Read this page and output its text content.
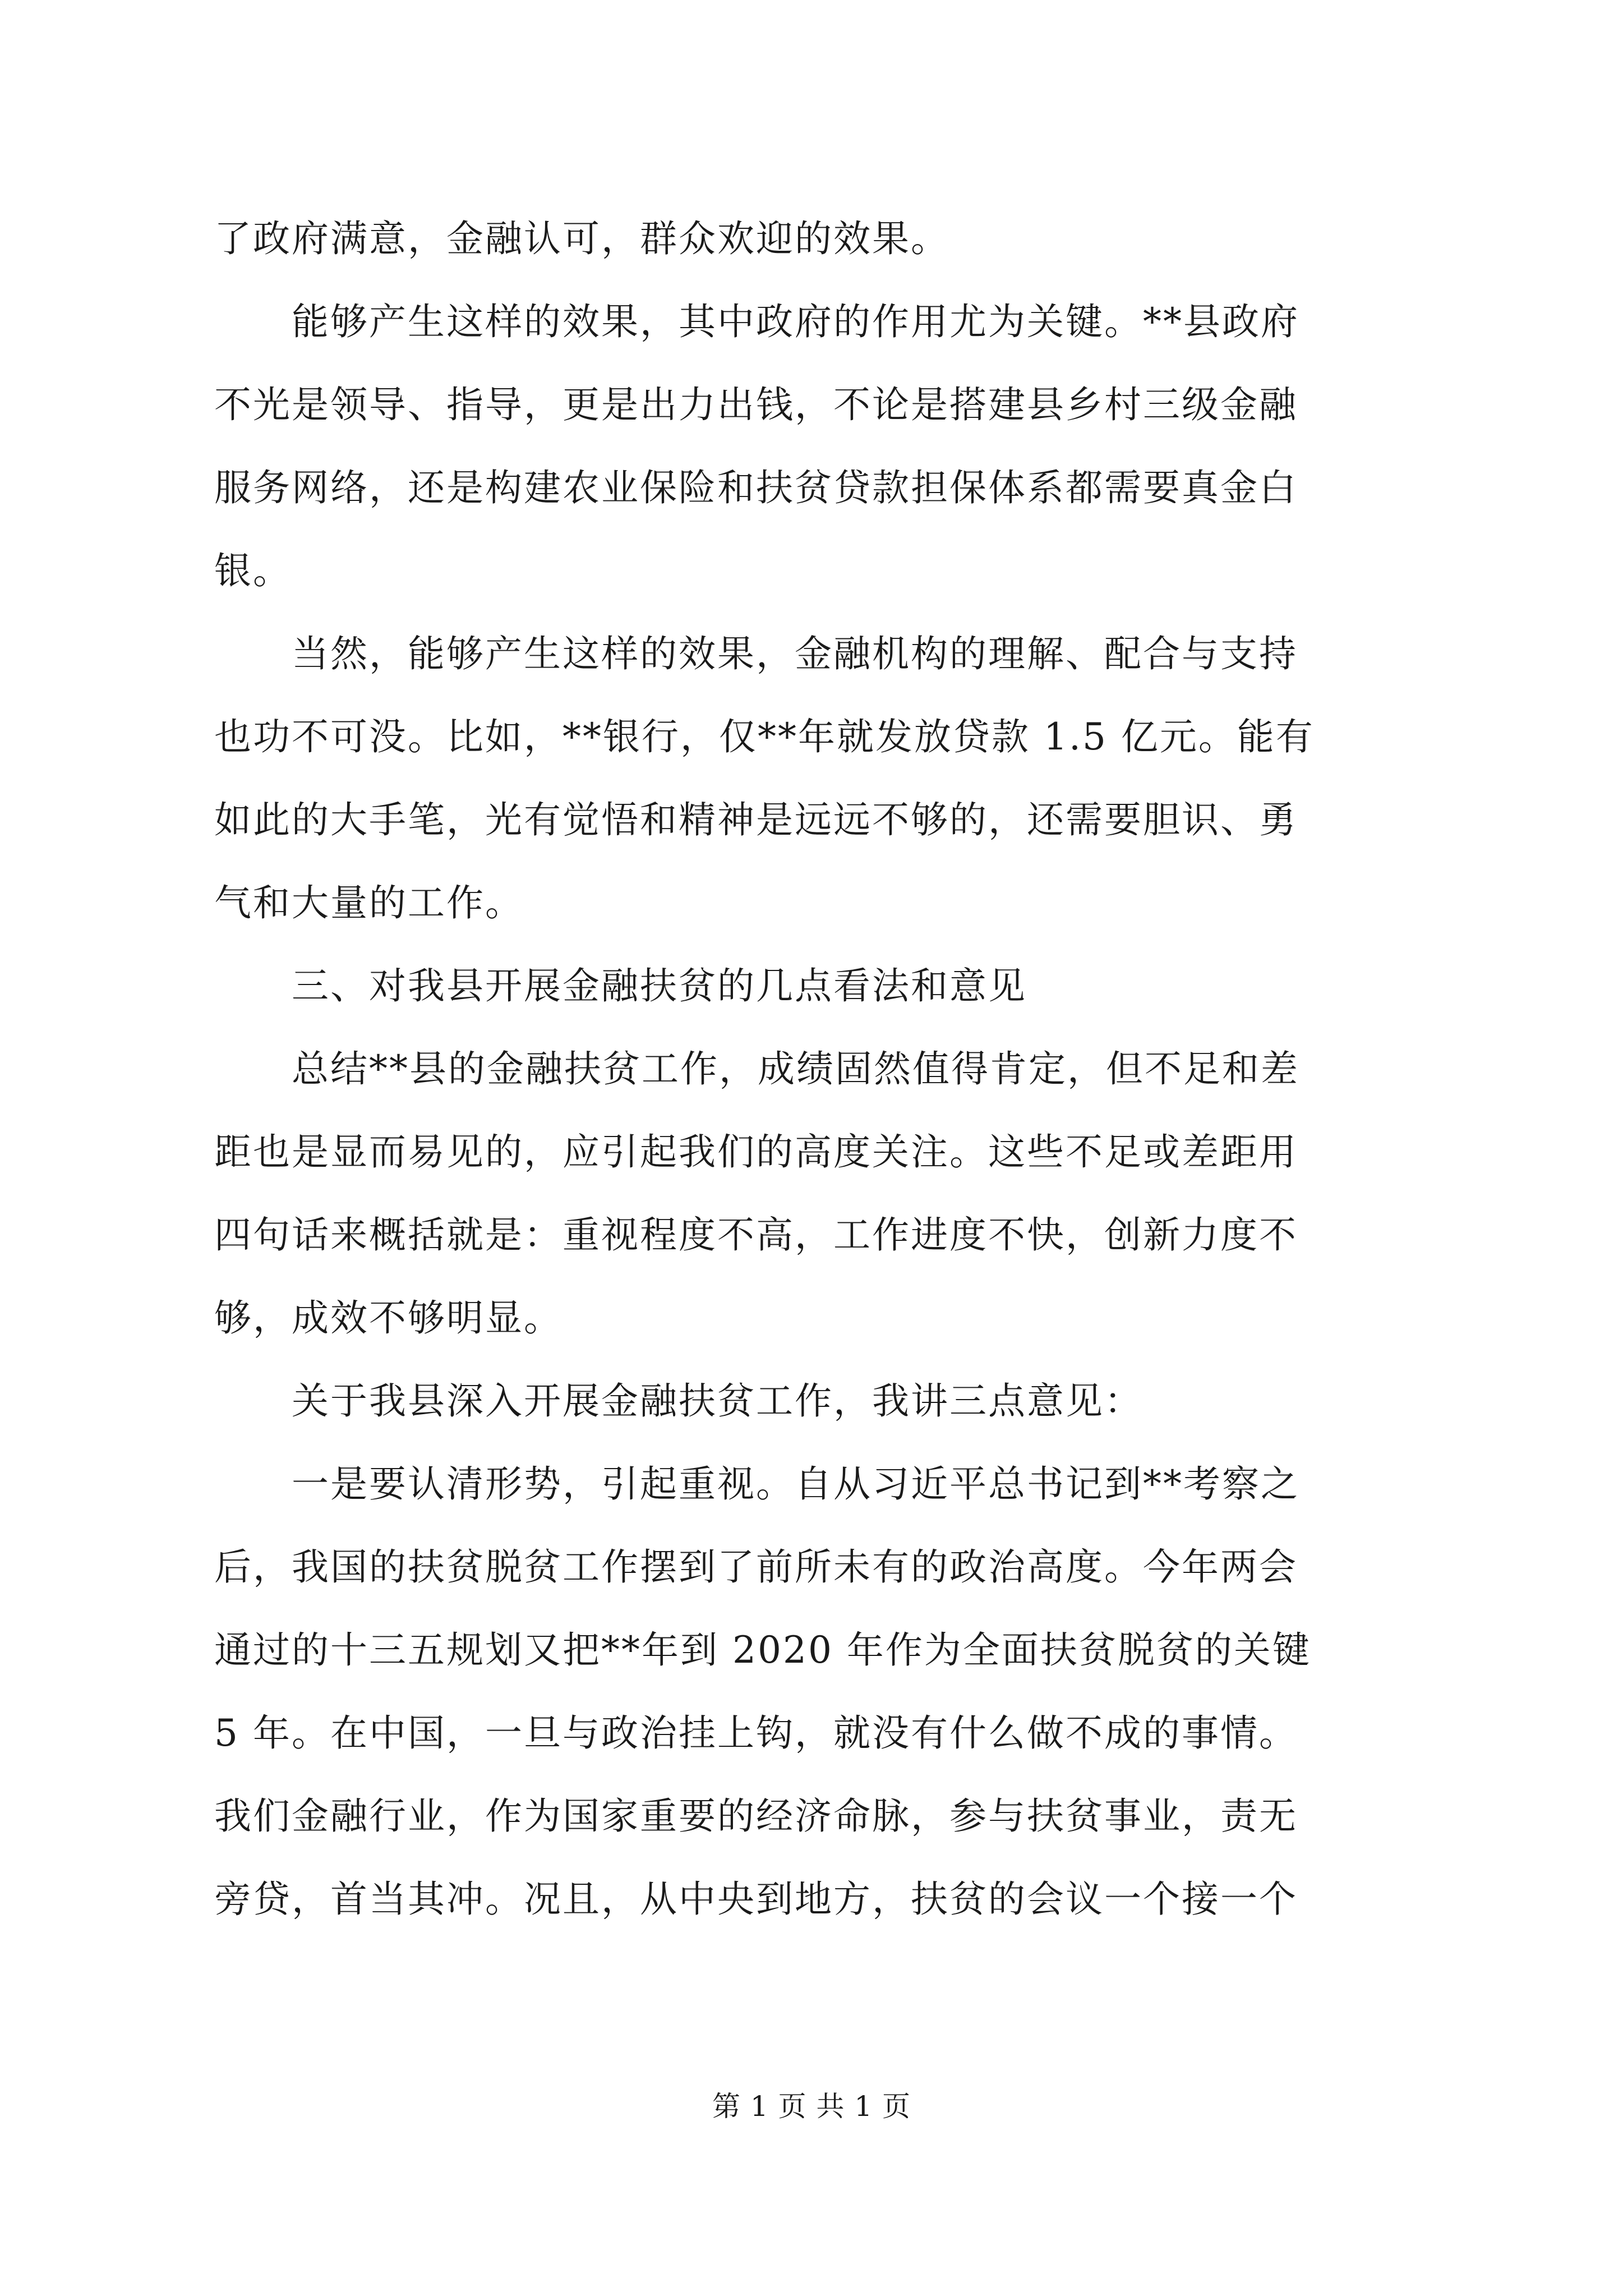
了政府满意，金融认可，群众欢迎的效果。
　　能够产生这样的效果，其中政府的作用尤为关键。**县政府
不光是领导、指导，更是出力出钱，不论是搭建县乡村三级金融
服务网络，还是构建农业保险和扶贫贷款担保体系都需要真金白
银。
　　当然，能够产生这样的效果，金融机构的理解、配合与支持
也功不可没。比如，**银行，仅**年就发放贷款 1.5 亿元。能有
如此的大手笔，光有觉悟和精神是远远不够的，还需要胆识、勇
气和大量的工作。
　　三、对我县开展金融扶贫的几点看法和意见
　　总结**县的金融扶贫工作，成绩固然值得肯定，但不足和差
距也是显而易见的，应引起我们的高度关注。这些不足或差距用
四句话来概括就是：重视程度不高，工作进度不快，创新力度不
够，成效不够明显。
　　关于我县深入开展金融扶贫工作，我讲三点意见：
　　一是要认清形势，引起重视。自从习近平总书记到**考察之
后，我国的扶贫脱贫工作摆到了前所未有的政治高度。今年两会
通过的十三五规划又把**年到 2020 年作为全面扶贫脱贫的关键
5 年。在中国，一旦与政治挂上钩，就没有什么做不成的事情。
我们金融行业，作为国家重要的经济命脉，参与扶贫事业，责无
旁贷，首当其冲。况且，从中央到地方，扶贫的会议一个接一个
第 1 页 共 1 页
